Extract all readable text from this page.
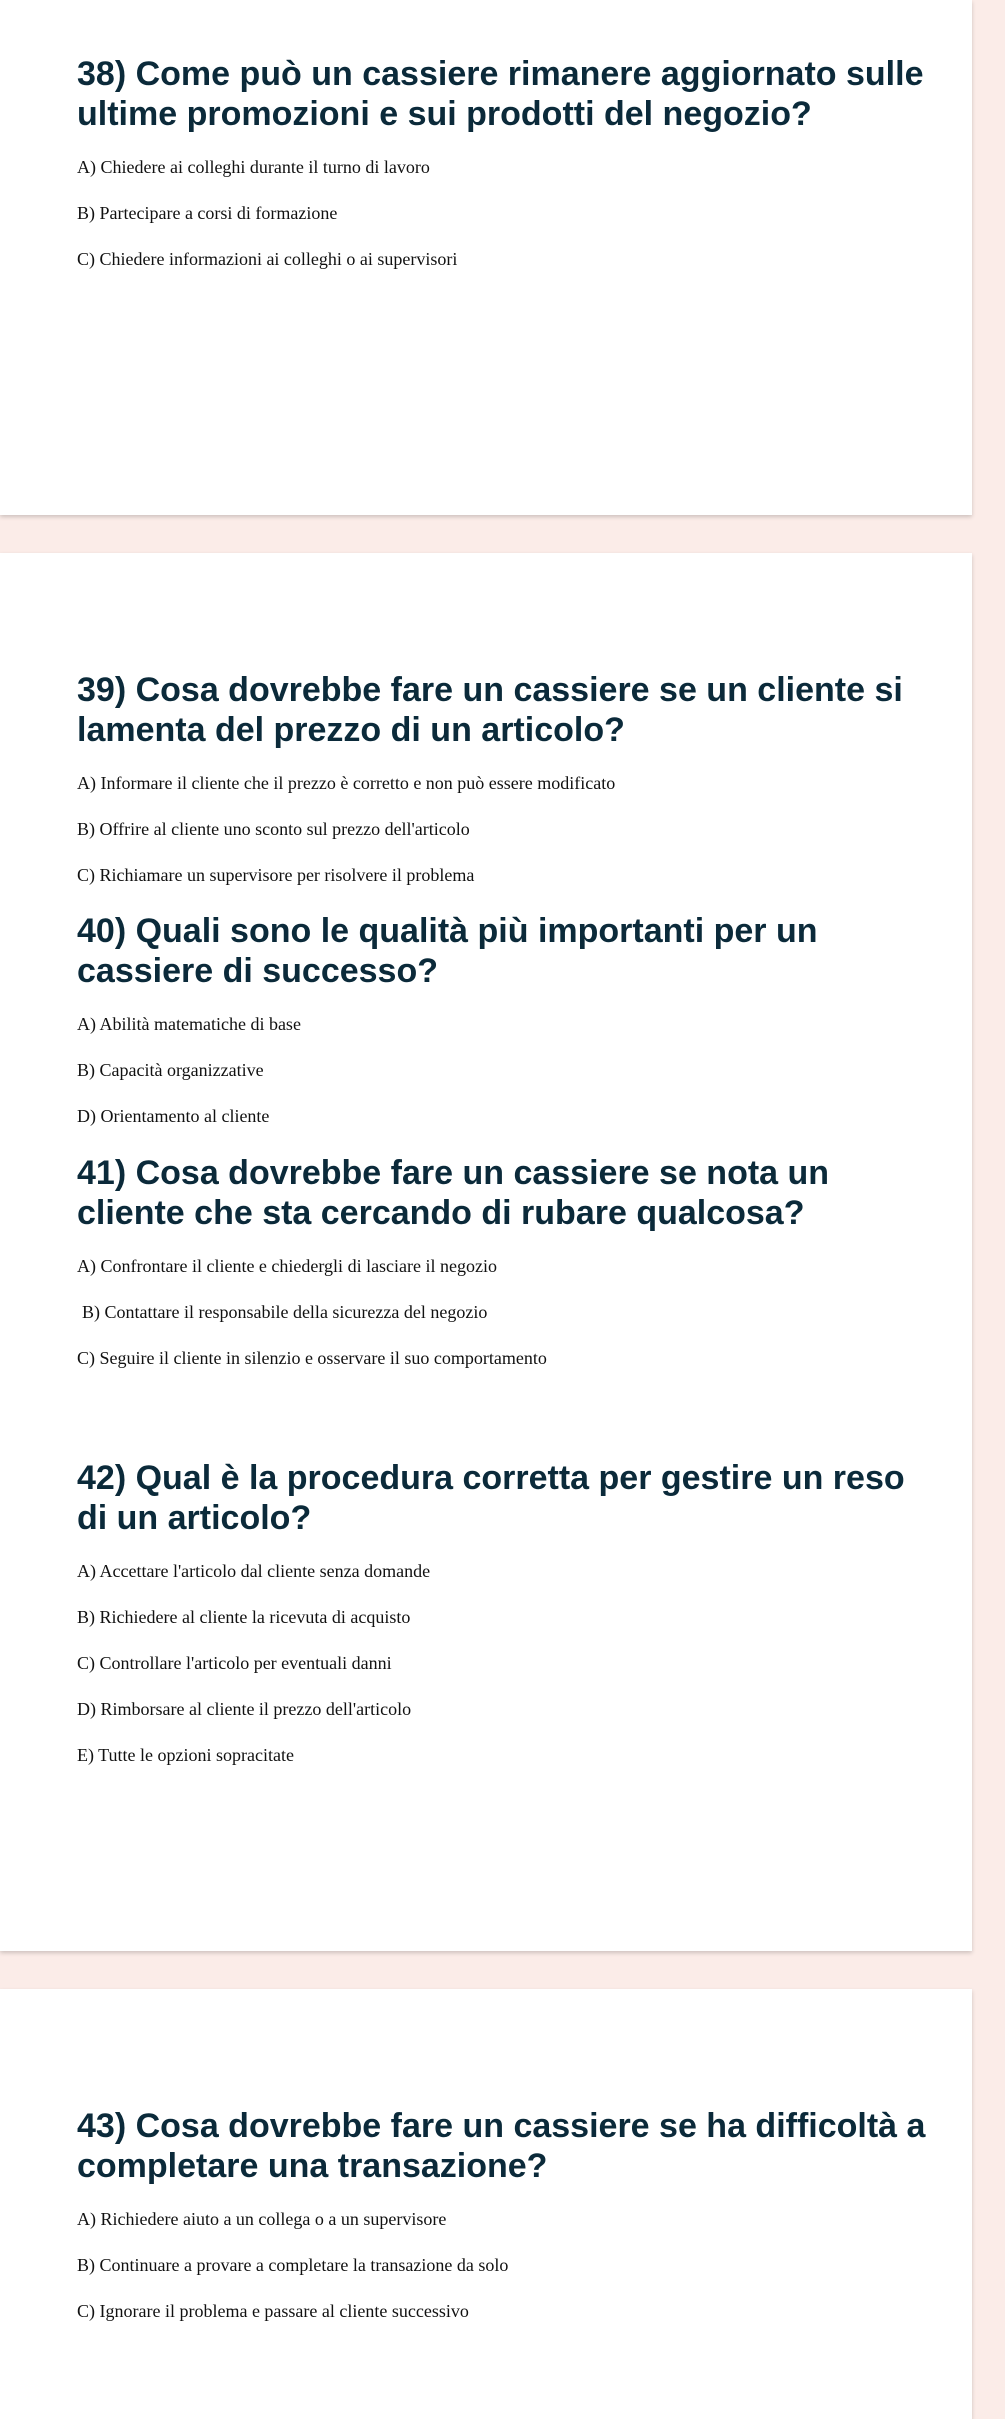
38) Come può un cassiere rimanere aggiornato sulle ultime promozioni e sui prodotti del negozio?
A) Chiedere ai colleghi durante il turno di lavoro
B) Partecipare a corsi di formazione
C) Chiedere informazioni ai colleghi o ai supervisori
39) Cosa dovrebbe fare un cassiere se un cliente si lamenta del prezzo di un articolo?
A) Informare il cliente che il prezzo è corretto e non può essere modificato
B) Offrire al cliente uno sconto sul prezzo dell'articolo
C) Richiamare un supervisore per risolvere il problema
40) Quali sono le qualità più importanti per un cassiere di successo?
A) Abilità matematiche di base
B) Capacità organizzative
D) Orientamento al cliente
41) Cosa dovrebbe fare un cassiere se nota un cliente che sta cercando di rubare qualcosa?
A) Confrontare il cliente e chiedergli di lasciare il negozio
B) Contattare il responsabile della sicurezza del negozio
C) Seguire il cliente in silenzio e osservare il suo comportamento
42) Qual è la procedura corretta per gestire un reso di un articolo?
A) Accettare l'articolo dal cliente senza domande
B) Richiedere al cliente la ricevuta di acquisto
C) Controllare l'articolo per eventuali danni
D) Rimborsare al cliente il prezzo dell'articolo
E) Tutte le opzioni sopracitate
43) Cosa dovrebbe fare un cassiere se ha difficoltà a completare una transazione?
A) Richiedere aiuto a un collega o a un supervisore
B) Continuare a provare a completare la transazione da solo
C) Ignorare il problema e passare al cliente successivo
